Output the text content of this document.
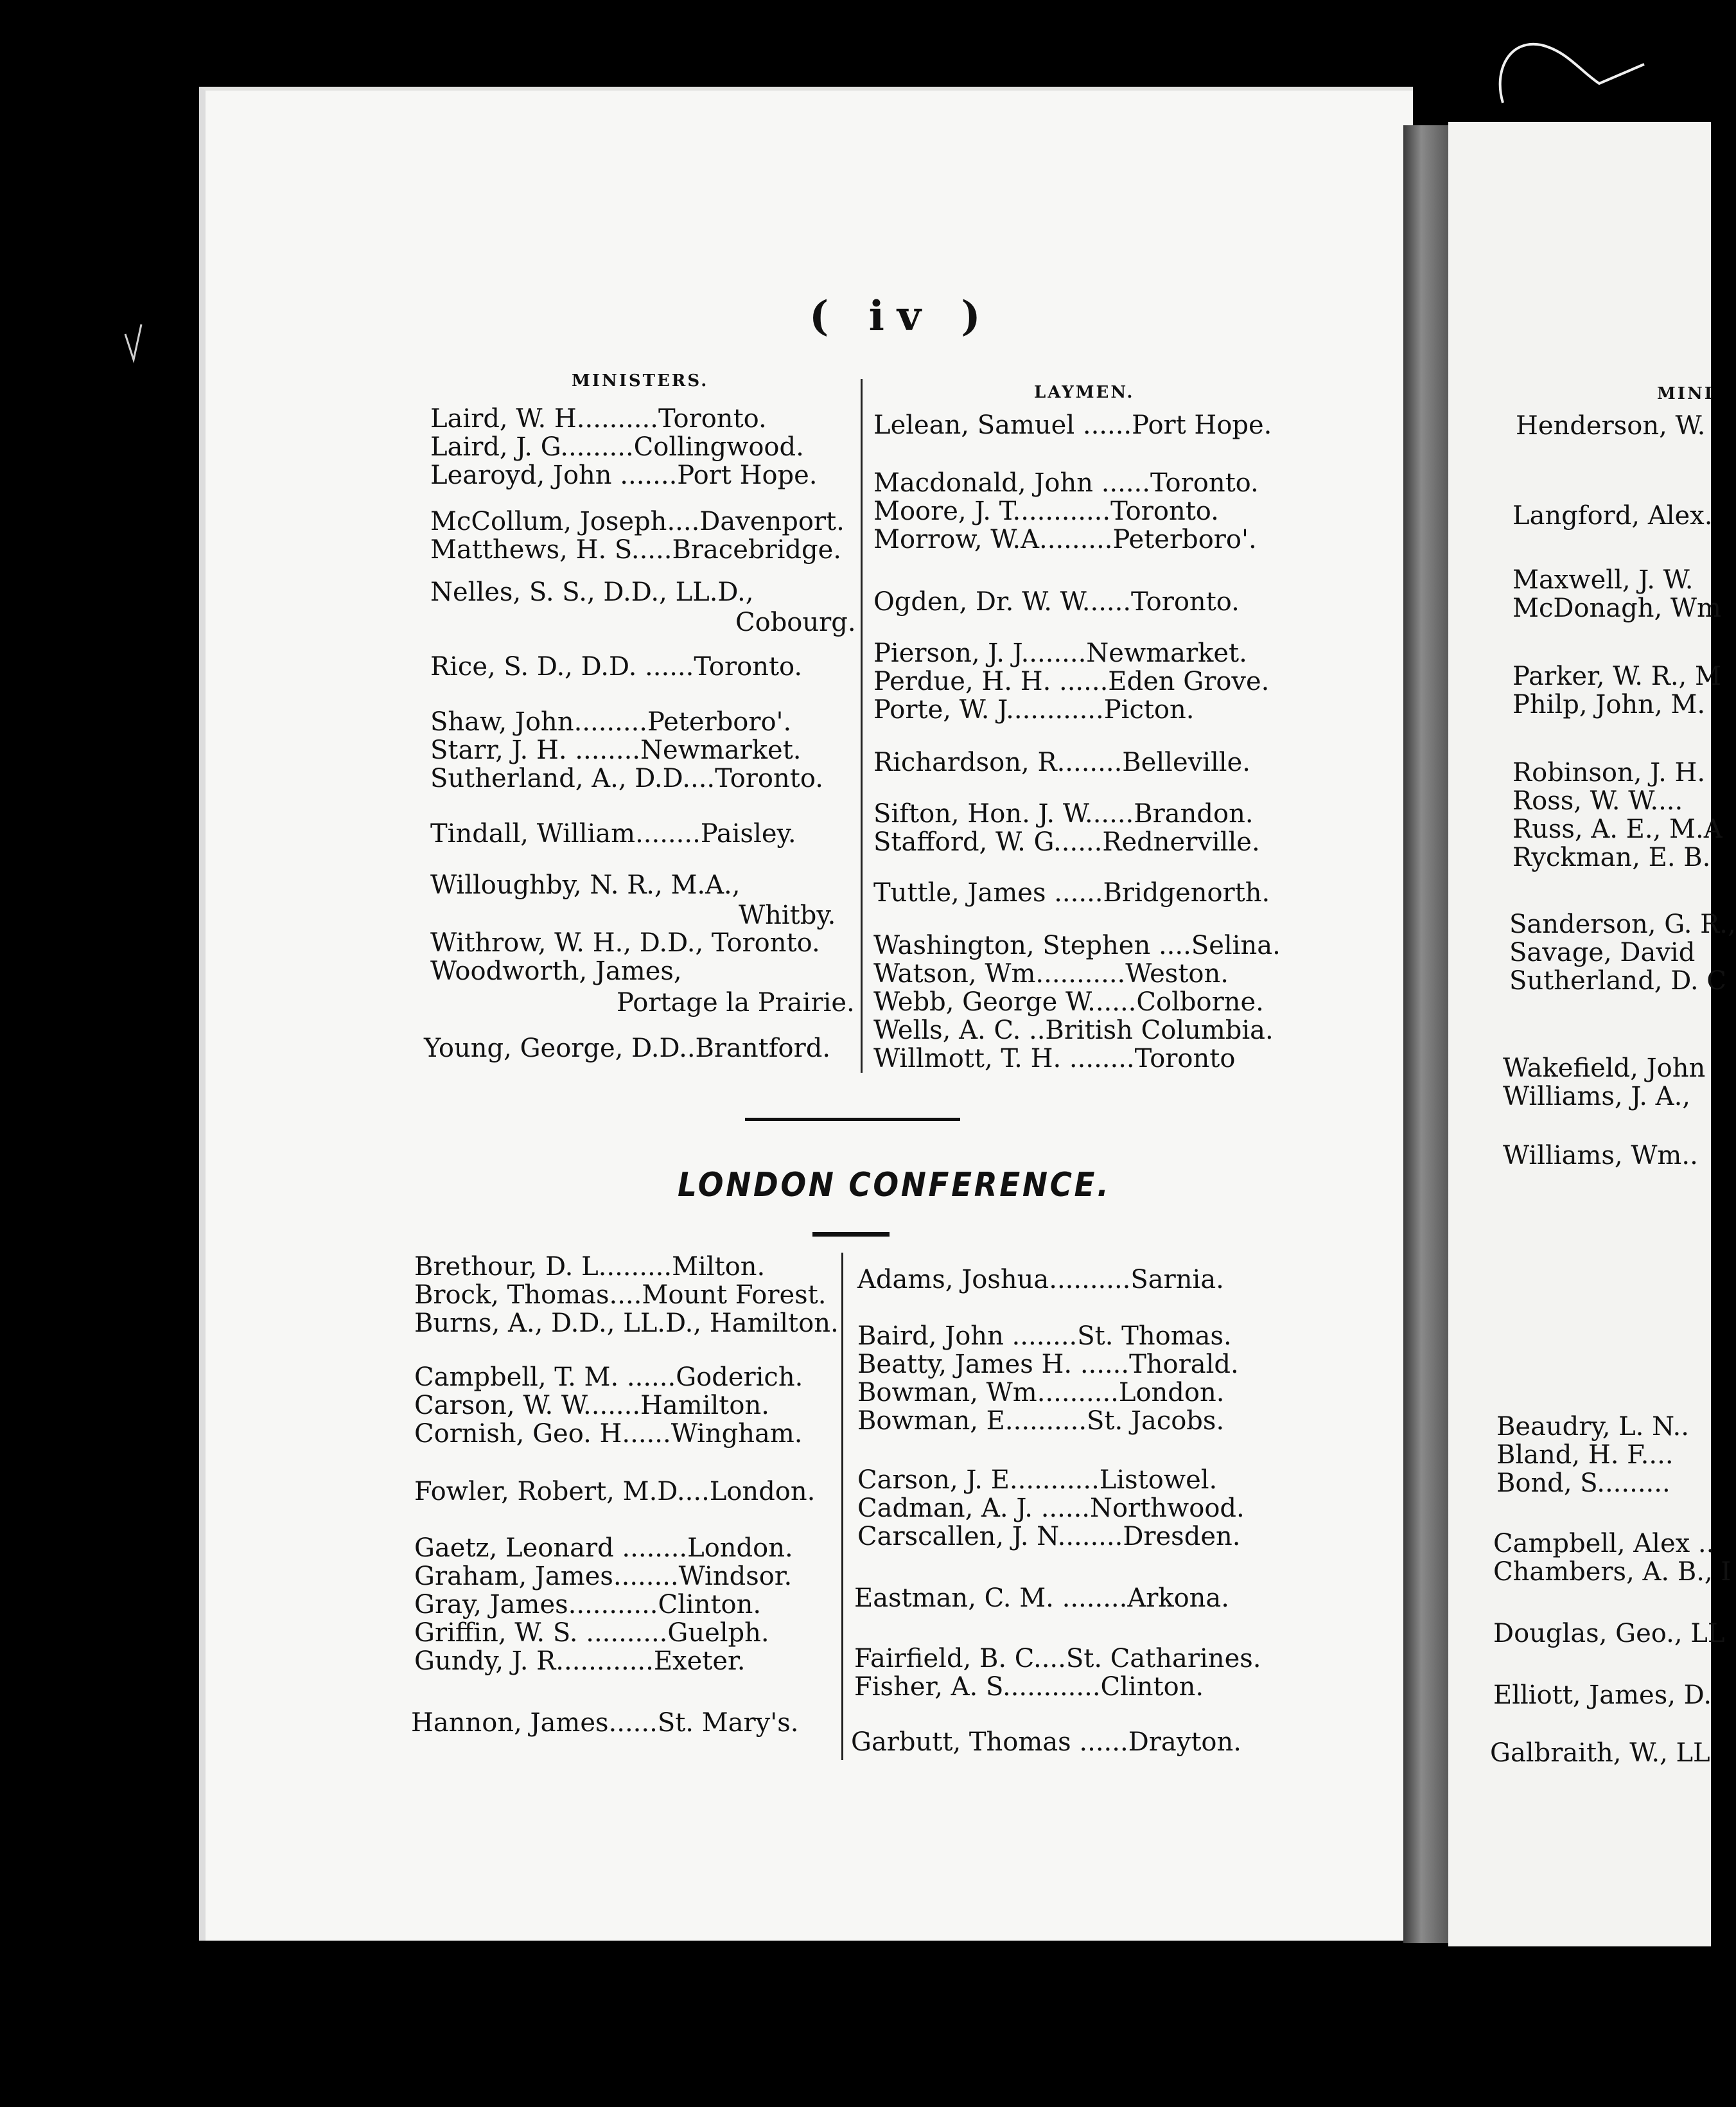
( iv )
MINISTERS.
LAYMEN.
Laird, W. H..........Toronto.
Laird, J. G.........Collingwood.
Learoyd, John .......Port Hope.
McCollum, Joseph....Davenport.
Matthews, H. S.....Bracebridge.
Nelles, S. S., D.D., LL.D.,
Cobourg.
Rice, S. D., D.D. ......Toronto.
Shaw, John.........Peterboro'.
Starr, J. H. ........Newmarket.
Sutherland, A., D.D....Toronto.
Tindall, William........Paisley.
Willoughby, N. R., M.A.,
Whitby.
Withrow, W. H., D.D., Toronto.
Woodworth, James,
Portage la Prairie.
Young, George, D.D..Brantford.
Lelean, Samuel ......Port Hope.
Macdonald, John ......Toronto.
Moore, J. T............Toronto.
Morrow, W.A.........Peterboro'.
Ogden, Dr. W. W......Toronto.
Pierson, J. J........Newmarket.
Perdue, H. H. ......Eden Grove.
Porte, W. J............Picton.
Richardson, R........Belleville.
Sifton, Hon. J. W......Brandon.
Stafford, W. G......Rednerville.
Tuttle, James ......Bridgenorth.
Washington, Stephen ....Selina.
Watson, Wm...........Weston.
Webb, George W......Colborne.
Wells, A. C. ..British Columbia.
Willmott, T. H. ........Toronto
LONDON CONFERENCE.
Brethour, D. L.........Milton.
Brock, Thomas....Mount Forest.
Burns, A., D.D., LL.D., Hamilton.
Campbell, T. M. ......Goderich.
Carson, W. W.......Hamilton.
Cornish, Geo. H......Wingham.
Fowler, Robert, M.D....London.
Gaetz, Leonard ........London.
Graham, James........Windsor.
Gray, James...........Clinton.
Griffin, W. S. ..........Guelph.
Gundy, J. R............Exeter.
Hannon, James......St. Mary's.
Adams, Joshua..........Sarnia.
Baird, John ........St. Thomas.
Beatty, James H. ......Thorald.
Bowman, Wm..........London.
Bowman, E..........St. Jacobs.
Carson, J. E...........Listowel.
Cadman, A. J. ......Northwood.
Carscallen, J. N........Dresden.
Eastman, C. M. ........Arkona.
Fairfield, B. C....St. Catharines.
Fisher, A. S............Clinton.
Garbutt, Thomas ......Drayton.
MINI
Henderson, W.
Langford, Alex.
Maxwell, J. W.
McDonagh, Wm
Parker, W. R., M
Philp, John, M.
Robinson, J. H.
Ross, W. W....
Russ, A. E., M.A
Ryckman, E. B.
Sanderson, G. R.,
Savage, David
Sutherland, D. C
Wakefield, John
Williams, J. A.,
Williams, Wm..
Beaudry, L. N..
Bland, H. F....
Bond, S.........
Campbell, Alex ..
Chambers, A. B., I
Douglas, Geo., LL
Elliott, James, D.
Galbraith, W., LL
